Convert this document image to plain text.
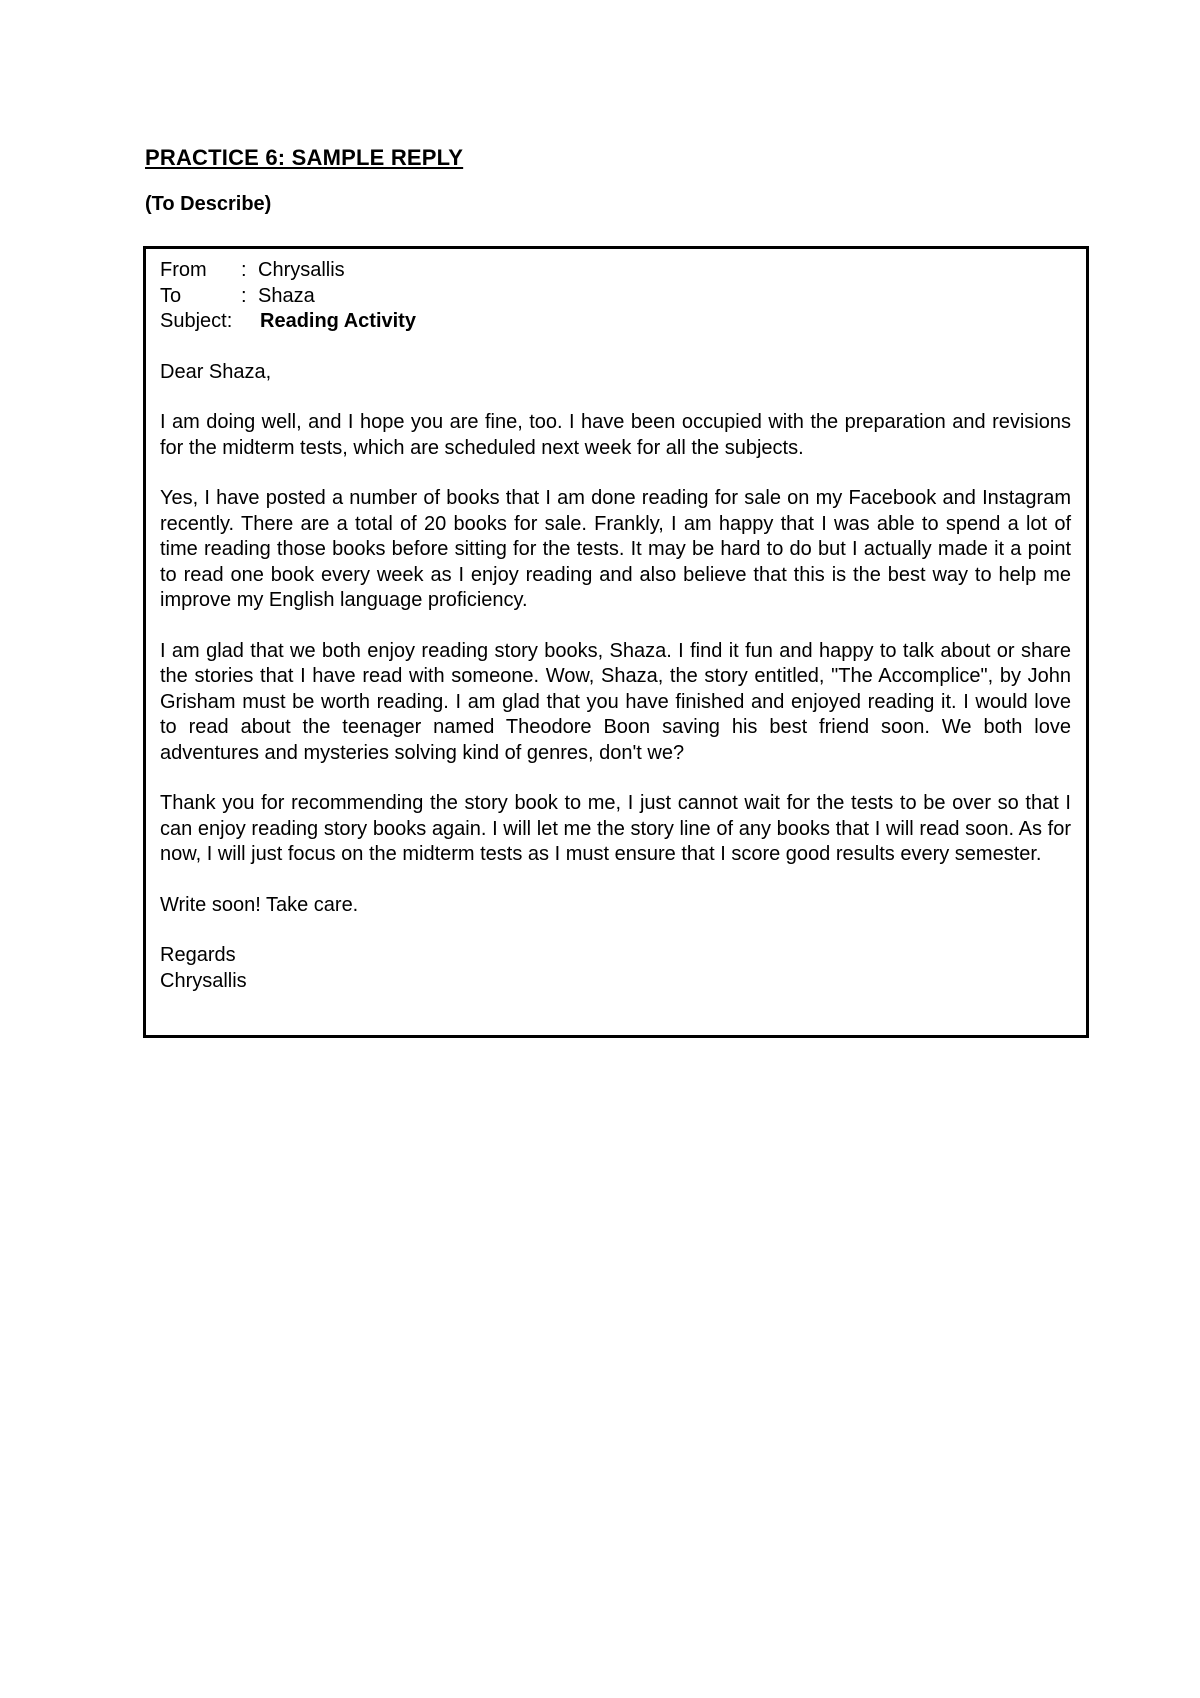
PRACTICE 6: SAMPLE REPLY
(To Describe)
From	: Chrysallis
To	: Shaza
Subject:	Reading Activity
Dear Shaza,
I am doing well, and I hope you are fine, too. I have been occupied with the preparation and revisions for the midterm tests, which are scheduled next week for all the subjects.
Yes, I have posted a number of books that I am done reading for sale on my Facebook and Instagram recently. There are a total of 20 books for sale. Frankly, I am happy that I was able to spend a lot of time reading those books before sitting for the tests. It may be hard to do but I actually made it a point to read one book every week as I enjoy reading and also believe that this is the best way to help me improve my English language proficiency.
I am glad that we both enjoy reading story books, Shaza. I find it fun and happy to talk about or share the stories that I have read with someone. Wow, Shaza, the story entitled, "The Accomplice", by John Grisham must be worth reading. I am glad that you have finished and enjoyed reading it. I would love to read about the teenager named Theodore Boon saving his best friend soon. We both love adventures and mysteries solving kind of genres, don't we?
Thank you for recommending the story book to me, I just cannot wait for the tests to be over so that I can enjoy reading story books again. I will let me the story line of any books that I will read soon. As for now, I will just focus on the midterm tests as I must ensure that I score good results every semester.
Write soon! Take care.
Regards
Chrysallis
